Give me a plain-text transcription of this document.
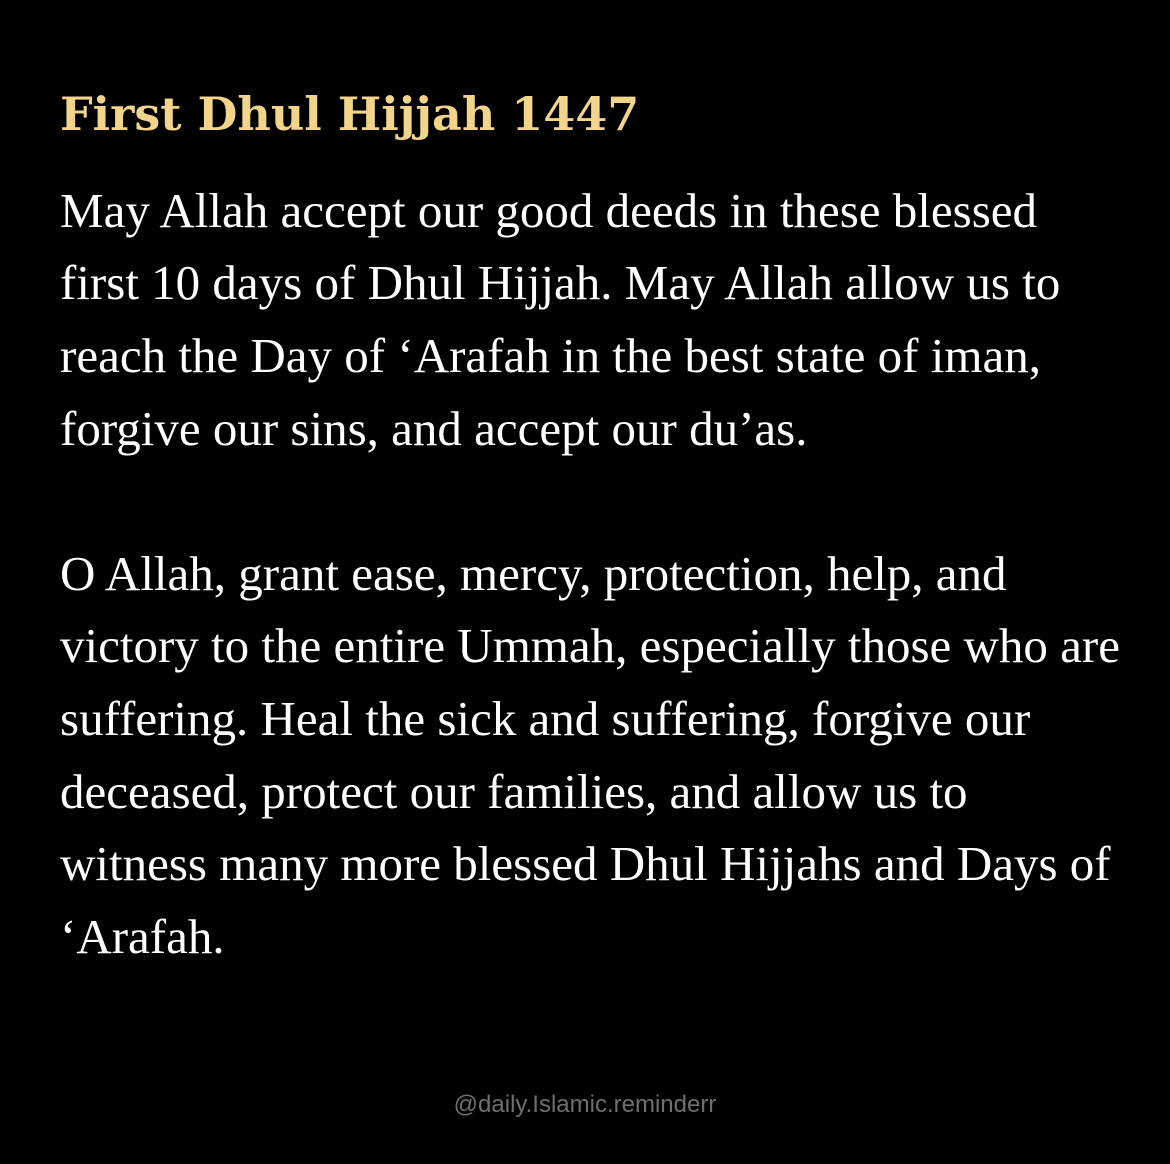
First Dhul Hijjah 1447

May Allah accept our good deeds in these blessed first 10 days of Dhul Hijjah. May Allah allow us to reach the Day of ‘Arafah in the best state of iman, forgive our sins, and accept our du’as.

O Allah, grant ease, mercy, protection, help, and victory to the entire Ummah, especially those who are suffering. Heal the sick and suffering, forgive our deceased, protect our families, and allow us to witness many more blessed Dhul Hijjahs and Days of ‘Arafah.

@daily.Islamic.reminderr
